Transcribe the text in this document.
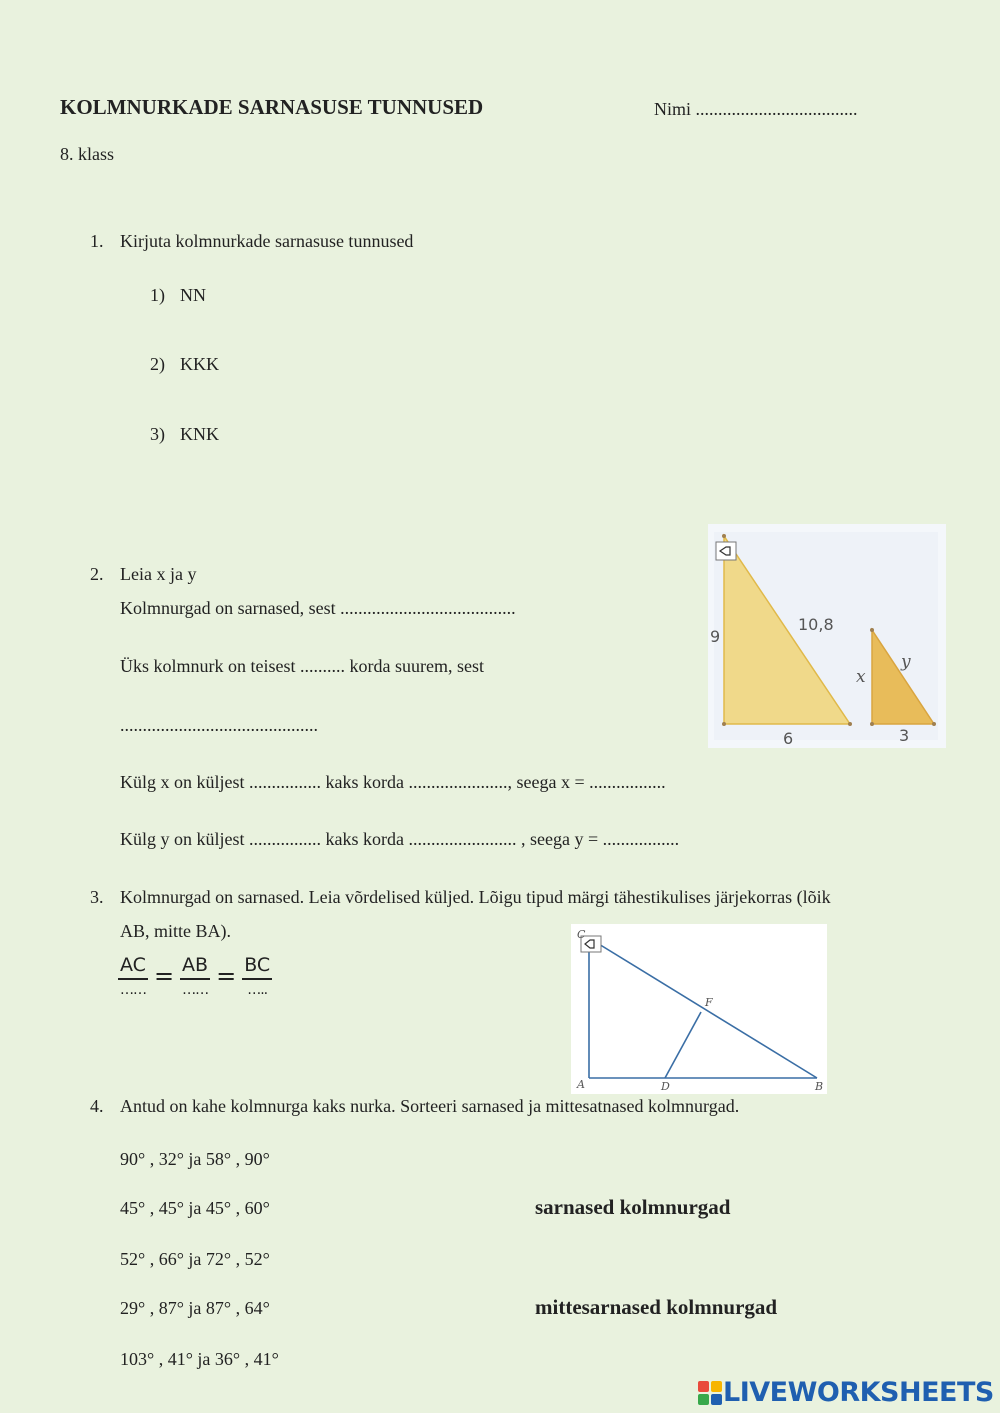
KOLMNURKADE SARNASUSE TUNNUSED	Nimi ....................................
8. klass
1. Kirjuta kolmnurkade sarnasuse tunnused
1) NN
2) KKK
3) KNK
2. Leia x ja y
Kolmnurgad on sarnased, sest .......................................
Üks kolmnurk on teisest .......... korda suurem, sest
............................................
Külg x on küljest ................ kaks korda ......................, seega x = .................
Külg y on küljest ................ kaks korda ........................ , seega y = .................
9
10,8
6
x
y
3
3. Kolmnurgad on sarnased. Leia võrdelised küljed. Lõigu tipud märgi tähestikulises järjekorras (lõik
AB, mitte BA).
AC
…… = AB
…… = BC
…..
C
A	B
D
F
4. Antud on kahe kolmnurga kaks nurka. Sorteeri sarnased ja mittesatnased kolmnurgad.
90° , 32° ja 58° , 90°
45° , 45° ja 45° , 60°
52° , 66° ja 72° , 52°
29° , 87° ja 87° , 64°
103° , 41° ja 36° , 41°
sarnased kolmnurgad
mittesarnased kolmnurgad
LIVEWORKSHEETS
